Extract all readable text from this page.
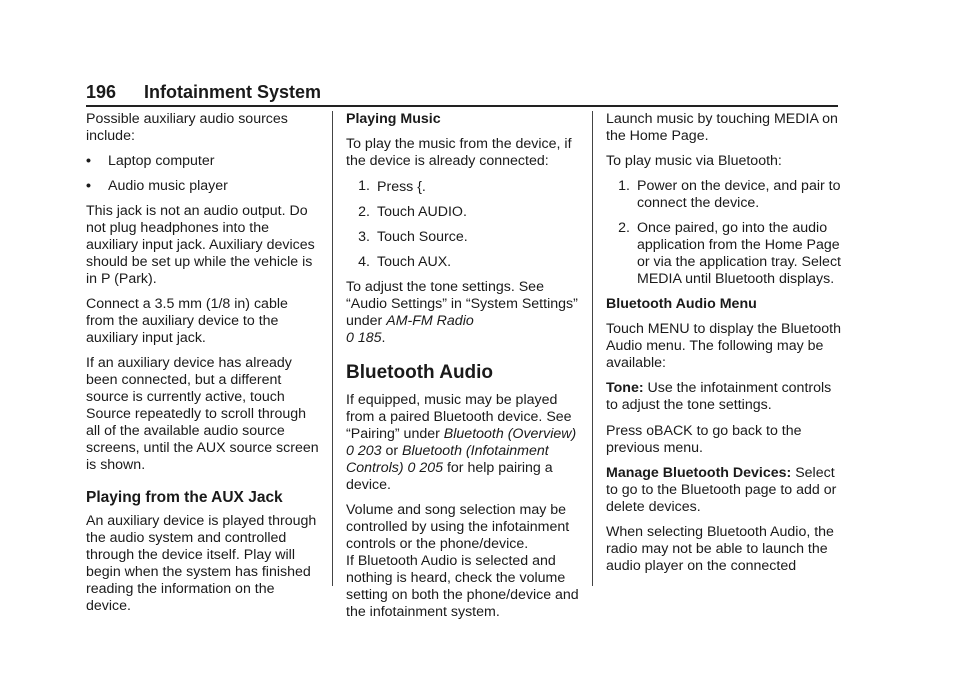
196 Infotainment System

Possible auxiliary audio sources include:

•	Laptop computer
•	Audio music player

This jack is not an audio output. Do not plug headphones into the auxiliary input jack. Auxiliary devices should be set up while the vehicle is in P (Park).

Connect a 3.5 mm (1/8 in) cable from the auxiliary device to the auxiliary input jack.

If an auxiliary device has already been connected, but a different source is currently active, touch Source repeatedly to scroll through all of the available audio source screens, until the AUX source screen is shown.

Playing from the AUX Jack

An auxiliary device is played through the audio system and controlled through the device itself. Play will begin when the system has finished reading the information on the device.

Playing Music

To play the music from the device, if the device is already connected:

1. Press {.
2. Touch AUDIO.
3. Touch Source.
4. Touch AUX.

To adjust the tone settings. See “Audio Settings” in “System Settings” under AM-FM Radio
0 185.

Bluetooth Audio

If equipped, music may be played from a paired Bluetooth device. See “Pairing” under Bluetooth (Overview) 0 203 or Bluetooth (Infotainment Controls) 0 205 for help pairing a device.

Volume and song selection may be controlled by using the infotainment controls or the phone/device.

If Bluetooth Audio is selected and nothing is heard, check the volume setting on both the phone/device and the infotainment system.

Launch music by touching MEDIA on the Home Page.

To play music via Bluetooth:

1. Power on the device, and pair to connect the device.
2. Once paired, go into the audio application from the Home Page or via the application tray. Select MEDIA until Bluetooth displays.
Bluetooth Audio Menu

Touch MENU to display the Bluetooth Audio menu. The following may be available:

Tone: Use the infotainment controls to adjust the tone settings.

Press oBACK to go back to the previous menu.

Manage Bluetooth Devices: Select to go to the Bluetooth page to add or delete devices.

When selecting Bluetooth Audio, the radio may not be able to launch the audio player on the connected
